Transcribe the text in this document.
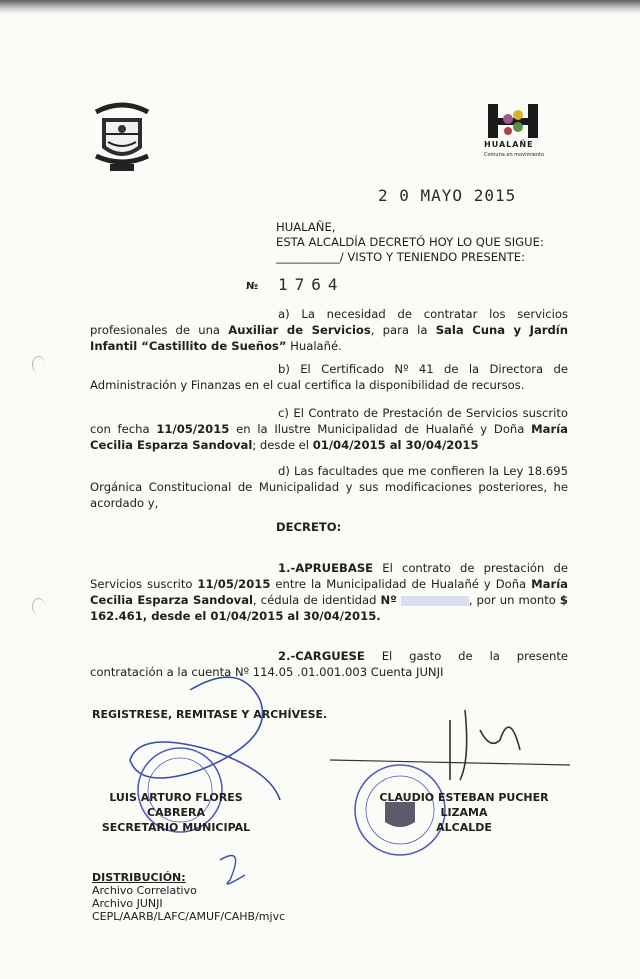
HUALAÑE
Comuna en movimiento
2 0 MAYO 2015
HUALAÑE,
ESTA ALCALDÍA DECRETÓ HOY LO QUE SIGUE:
___________/ VISTO Y TENIENDO PRESENTE:
№ 1764
a) La necesidad de contratar los servicios profesionales de una Auxiliar de Servicios, para la Sala Cuna y Jardín Infantil “Castillito de Sueños” Hualañé.
b) El Certificado Nº 41 de la Directora de Administración y Finanzas en el cual certifica la disponibilidad de recursos.
c) El Contrato de Prestación de Servicios suscrito con fecha 11/05/2015 en la Ilustre Municipalidad de Hualañé y Doña María Cecilia Esparza Sandoval; desde el 01/04/2015 al 30/04/2015
d) Las facultades que me confieren la Ley 18.695 Orgánica Constitucional de Municipalidad y sus modificaciones posteriores, he acordado y,
DECRETO:
1.-APRUEBASE El contrato de prestación de Servicios suscrito 11/05/2015 entre la Municipalidad de Hualañé y Doña María Cecilia Esparza Sandoval, cédula de identidad Nº	, por un monto $ 162.461, desde el 01/04/2015 al 30/04/2015.
2.-CARGUESE El gasto de la presente contratación a la cuenta Nº 114.05 .01.001.003 Cuenta JUNJI
REGISTRESE, REMITASE Y ARCHÍVESE.
LUIS ARTURO FLORES CABRERA
SECRETARIO MUNICIPAL
CLAUDIO ESTEBAN PUCHER LIZAMA
ALCALDE
DISTRIBUCIÓN:
Archivo Correlativo
Archivo JUNJI
CEPL/AARB/LAFC/AMUF/CAHB/mjvc
